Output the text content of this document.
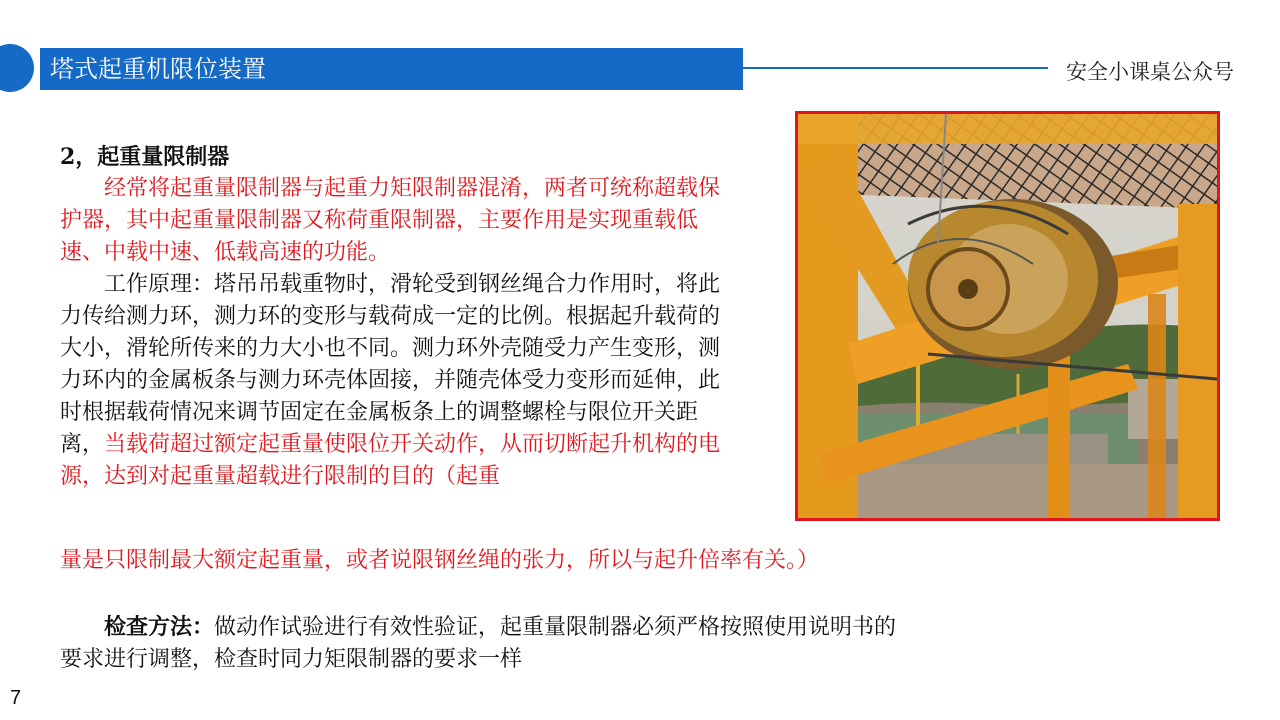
塔式起重机限位装置	安全小课桌公众号
2，起重量限制器
　　经常将起重量限制器与起重力矩限制器混淆，两者可统称超载保护器，其中起重量限制器又称荷重限制器，主要作用是实现重载低速、中载中速、低载高速的功能。
　　工作原理：塔吊吊载重物时，滑轮受到钢丝绳合力作用时，将此力传给测力环，测力环的变形与载荷成一定的比例。根据起升载荷的大小，滑轮所传来的力大小也不同。测力环外壳随受力产生变形，测力环内的金属板条与测力环壳体固接，并随壳体受力变形而延伸，此时根据载荷情况来调节固定在金属板条上的调整螺栓与限位开关距离，当载荷超过额定起重量使限位开关动作，从而切断起升机构的电源，达到对起重量超载进行限制的目的（起重
量是只限制最大额定起重量，或者说限钢丝绳的张力，所以与起升倍率有关。）
　　检查方法：做动作试验进行有效性验证，起重量限制器必须严格按照使用说明书的要求进行调整，检查时同力矩限制器的要求一样
7
